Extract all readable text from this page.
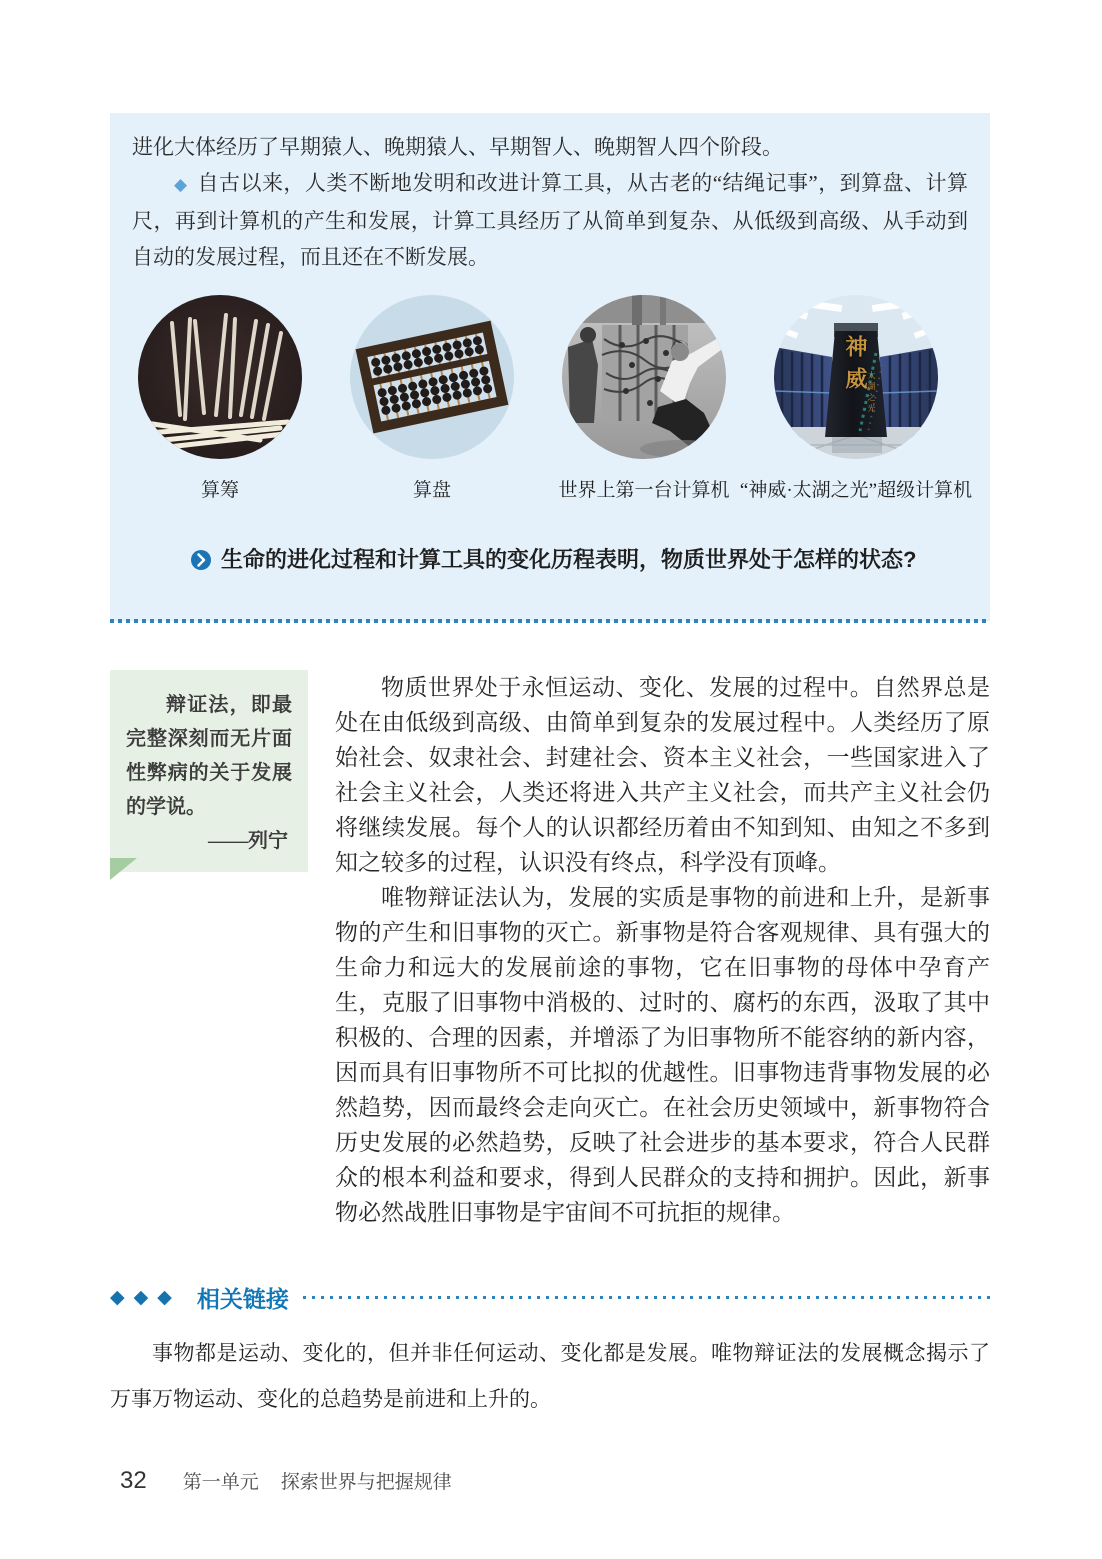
进化大体经历了早期猿人、晚期猿人、早期智人、晚期智人四个阶段。

◆ 自古以来，人类不断地发明和改进计算工具，从古老的“结绳记事”，到算盘、计算尺，再到计算机的产生和发展，计算工具经历了从简单到复杂、从低级到高级、从手动到自动的发展过程，而且还在不断发展。

算筹	算盘	世界上第一台计算机
神威 太湖之光
“神威·太湖之光”超级计算机
生命的进化过程和计算工具的变化历程表明，物质世界处于怎样的状态?

辩证法，即最完整深刻而无片面性弊病的关于发展的学说。

——列宁

物质世界处于永恒运动、变化、发展的过程中。自然界总是处在由低级到高级、由简单到复杂的发展过程中。人类经历了原始社会、奴隶社会、封建社会、资本主义社会，一些国家进入了社会主义社会，人类还将进入共产主义社会，而共产主义社会仍将继续发展。每个人的认识都经历着由不知到知、由知之不多到知之较多的过程，认识没有终点，科学没有顶峰。

唯物辩证法认为，发展的实质是事物的前进和上升，是新事物的产生和旧事物的灭亡。新事物是符合客观规律、具有强大的生命力和远大的发展前途的事物，它在旧事物的母体中孕育产生，克服了旧事物中消极的、过时的、腐朽的东西，汲取了其中积极的、合理的因素，并增添了为旧事物所不能容纳的新内容，因而具有旧事物所不可比拟的优越性。旧事物违背事物发展的必然趋势，因而最终会走向灭亡。在社会历史领域中，新事物符合历史发展的必然趋势，反映了社会进步的基本要求，符合人民群众的根本利益和要求，得到人民群众的支持和拥护。因此，新事物必然战胜旧事物是宇宙间不可抗拒的规律。

◆◆◆ 相关链接

事物都是运动、变化的，但并非任何运动、变化都是发展。唯物辩证法的发展概念揭示了万事万物运动、变化的总趋势是前进和上升的。

32 第一单元 探索世界与把握规律
